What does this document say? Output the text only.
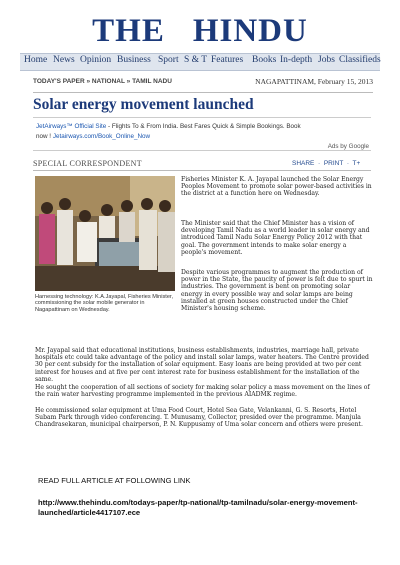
THE HINDU
Home News Opinion Business Sport S & T Features Books In-depth Jobs Classifieds
TODAY'S PAPER » NATIONAL » TAMIL NADU	NAGAPATTINAM, February 15, 2013
Solar energy movement launched
JetAirways™ Official Site - Flights To & From India. Best Fares Quick & Simple Bookings. Book
now ! Jetairways.com/Book_Online_Now
Ads by Google
SPECIAL CORRESPONDENT	SHARE  ·  PRINT  ·  T+
Harnessing technology: K.A.Jayapal, Fisheries Minister, commissioning the solar mobile generator in Nagapattinam on Wednesday.

Fisheries Minister K. A. Jayapal launched the Solar Energy Peoples Movement to promote solar power-based activities in the district at a function here on Wednesday.

The Minister said that the Chief Minister has a vision of developing Tamil Nadu as a world leader in solar energy and introduced Tamil Nadu Solar Energy Policy 2012 with that goal. The government intends to make solar energy a people's movement.

Despite various programmes to augment the production of power in the State, the paucity of power is felt due to spurt in industries. The government is bent on promoting solar energy in every possible way and solar lamps are being installed at green houses constructed under the Chief Minister's housing scheme.

Mr. Jayapal said that educational institutions, business establishments, industries, marriage hall, private hospitals etc could take advantage of the policy and install solar lamps, water heaters. The Centre provided 30 per cent subsidy for the installation of solar equipment. Easy loans are being provided at two per cent interest for houses and at five per cent interest rate for business establishment for the installation of the same.

He sought the cooperation of all sections of society for making solar policy a mass movement on the lines of the rain water harvesting programme implemented in the previous AIADMK regime.

He commissioned solar equipment at Uma Food Court, Hotel Sea Gate, Velankanni, G. S. Resorts, Hotel Subam Park through video conferencing. T. Munusamy, Collector, presided over the programme. Manjula Chandrasekaran, municipal chairperson, P. N. Kuppusamy of Uma solar concern and others were present.

READ FULL ARTICLE AT FOLLOWING LINK
http://www.thehindu.com/todays-paper/tp-national/tp-tamilnadu/solar-energy-movement-launched/article4417107.ece
